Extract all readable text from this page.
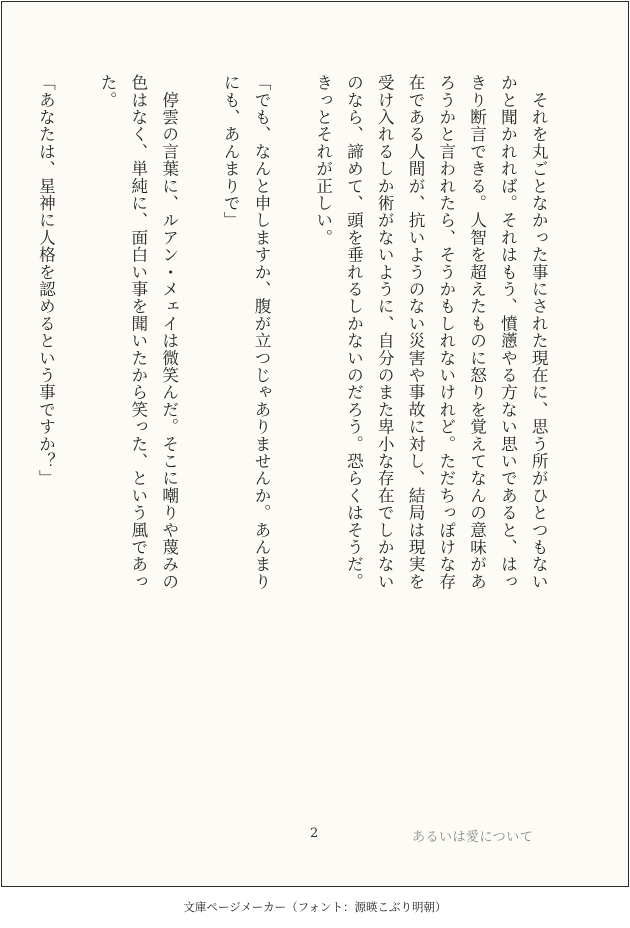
　それを丸ごとなかった事にされた現在に、思う所がひとつもないかと聞かれれば。それはもう、憤懣やる方ない思いであると、はっきり断言できる。人智を超えたものに怒りを覚えてなんの意味があろうかと言われたら、そうかもしれないけれど。ただちっぽけな存在である人間が、抗いようのない災害や事故に対し、結局は現実を受け入れるしか術がないように、自分のまた卑小な存在でしかないのなら、諦めて、頭を垂れるしかないのだろう。恐らくはそうだ。きっとそれが正しい。

「でも、なんと申しますか、腹が立つじゃありませんか。あんまりにも、あんまりで」

　停雲の言葉に、ルアン・メェイは微笑んだ。そこに嘲りや蔑みの色はなく、単純に、面白い事を聞いたから笑った、という風であった。

「あなたは、星神に人格を認めるという事ですか？」

2	あるいは愛について
文庫ページメーカー（フォント：源暎こぶり明朝）
